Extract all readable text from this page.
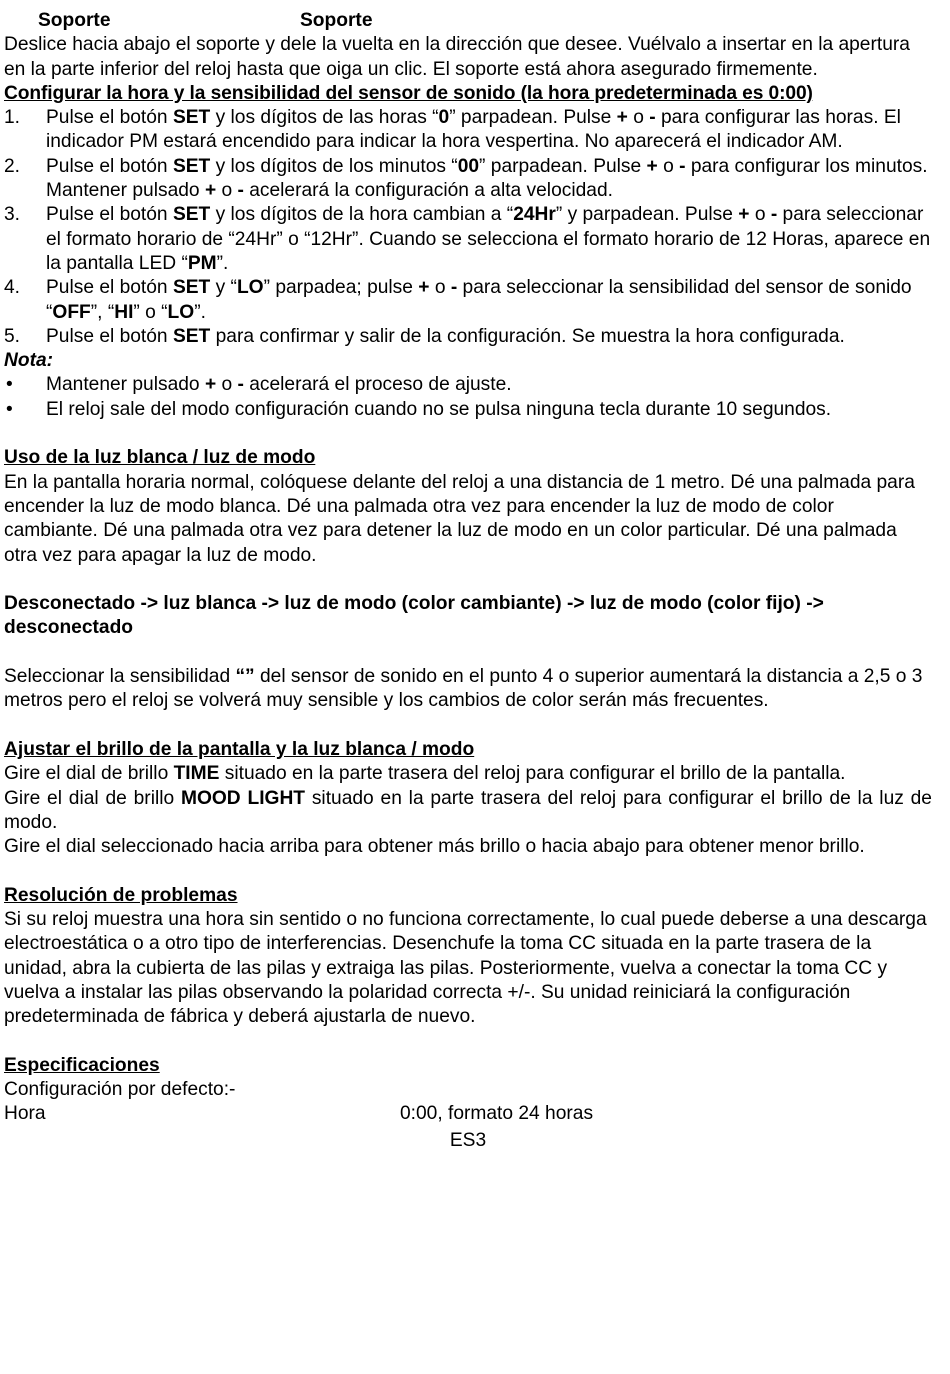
Soporte	Soporte

Deslice hacia abajo el soporte y dele la vuelta en la dirección que desee. Vuélvalo a insertar en la apertura en la parte inferior del reloj hasta que oiga un clic. El soporte está ahora asegurado firmemente.

Configurar la hora y la sensibilidad del sensor de sonido (la hora predeterminada es 0:00)

1. Pulse el botón SET y los dígitos de las horas “0” parpadean. Pulse + o - para configurar las horas. El indicador PM estará encendido para indicar la hora vespertina. No aparecerá el indicador AM.
2. Pulse el botón SET y los dígitos de los minutos “00” parpadean. Pulse + o - para configurar los minutos. Mantener pulsado + o - acelerará la configuración a alta velocidad.
3. Pulse el botón SET y los dígitos de la hora cambian a “24Hr” y parpadean. Pulse + o - para seleccionar el formato horario de “24Hr” o “12Hr”. Cuando se selecciona el formato horario de 12 Horas, aparece en la pantalla LED “PM”.
4. Pulse el botón SET y “LO” parpadea; pulse + o - para seleccionar la sensibilidad del sensor de sonido “OFF”, “HI” o “LO”.
5. Pulse el botón SET para confirmar y salir de la configuración. Se muestra la hora configurada.

Nota:

• Mantener pulsado + o - acelerará el proceso de ajuste.
• El reloj sale del modo configuración cuando no se pulsa ninguna tecla durante 10 segundos.

Uso de la luz blanca / luz de modo

En la pantalla horaria normal, colóquese delante del reloj a una distancia de 1 metro. Dé una palmada para encender la luz de modo blanca. Dé una palmada otra vez para encender la luz de modo de color cambiante. Dé una palmada otra vez para detener la luz de modo en un color particular. Dé una palmada otra vez para apagar la luz de modo.

Desconectado -> luz blanca -> luz de modo (color cambiante) -> luz de modo (color fijo) -> desconectado

Seleccionar la sensibilidad “” del sensor de sonido en el punto 4 o superior aumentará la distancia a 2,5 o 3 metros pero el reloj se volverá muy sensible y los cambios de color serán más frecuentes.

Ajustar el brillo de la pantalla y la luz blanca / modo

Gire el dial de brillo TIME situado en la parte trasera del reloj para configurar el brillo de la pantalla.

Gire el dial de brillo MOOD LIGHT situado en la parte trasera del reloj para configurar el brillo de la luz de modo.

Gire el dial seleccionado hacia arriba para obtener más brillo o hacia abajo para obtener menor brillo.

Resolución de problemas

Si su reloj muestra una hora sin sentido o no funciona correctamente, lo cual puede deberse a una descarga electroestática o a otro tipo de interferencias. Desenchufe la toma CC situada en la parte trasera de la unidad, abra la cubierta de las pilas y extraiga las pilas. Posteriormente, vuelva a conectar la toma CC y vuelva a instalar las pilas observando la polaridad correcta +/-. Su unidad reiniciará la configuración predeterminada de fábrica y deberá ajustarla de nuevo.

Especificaciones

Configuración por defecto:-

Hora	0:00, formato 24 horas

ES3
